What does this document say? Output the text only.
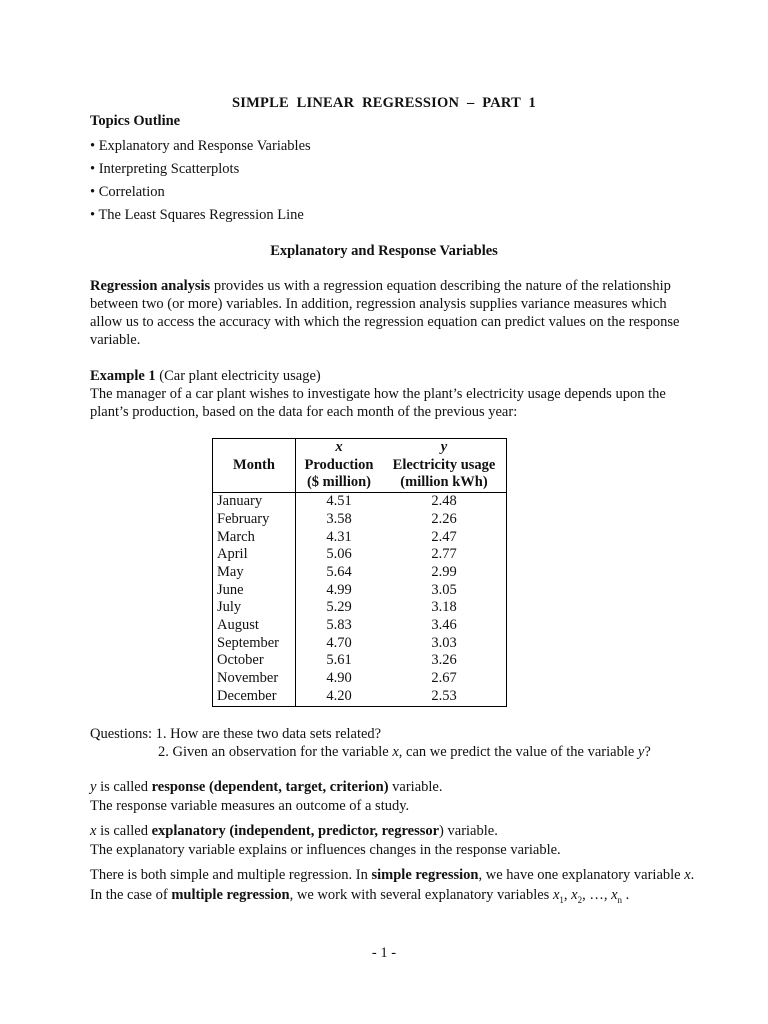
SIMPLE LINEAR REGRESSION – PART 1
Topics Outline
• Explanatory and Response Variables
• Interpreting Scatterplots
• Correlation
• The Least Squares Regression Line
Explanatory and Response Variables
Regression analysis provides us with a regression equation describing the nature of the relationship between two (or more) variables. In addition, regression analysis supplies variance measures which allow us to access the accuracy with which the regression equation can predict values on the response variable.
Example 1 (Car plant electricity usage)
The manager of a car plant wishes to investigate how the plant’s electricity usage depends upon the plant’s production, based on the data for each month of the previous year:
Month	x	y
	Production	Electricity usage
	($ million)	(million kWh)
January	4.51	2.48
February	3.58	2.26
March	4.31	2.47
April	5.06	2.77
May	5.64	2.99
June	4.99	3.05
July	5.29	3.18
August	5.83	3.46
September	4.70	3.03
October	5.61	3.26
November	4.90	2.67
December	4.20	2.53
Questions: 1. How are these two data sets related?
2. Given an observation for the variable x, can we predict the value of the variable y?
y is called response (dependent, target, criterion) variable.
The response variable measures an outcome of a study.
x is called explanatory (independent, predictor, regressor) variable.
The explanatory variable explains or influences changes in the response variable.
There is both simple and multiple regression. In simple regression, we have one explanatory variable x.
In the case of multiple regression, we work with several explanatory variables $x_1$, $x_2$, …, $x_n$ .
- 1 -
